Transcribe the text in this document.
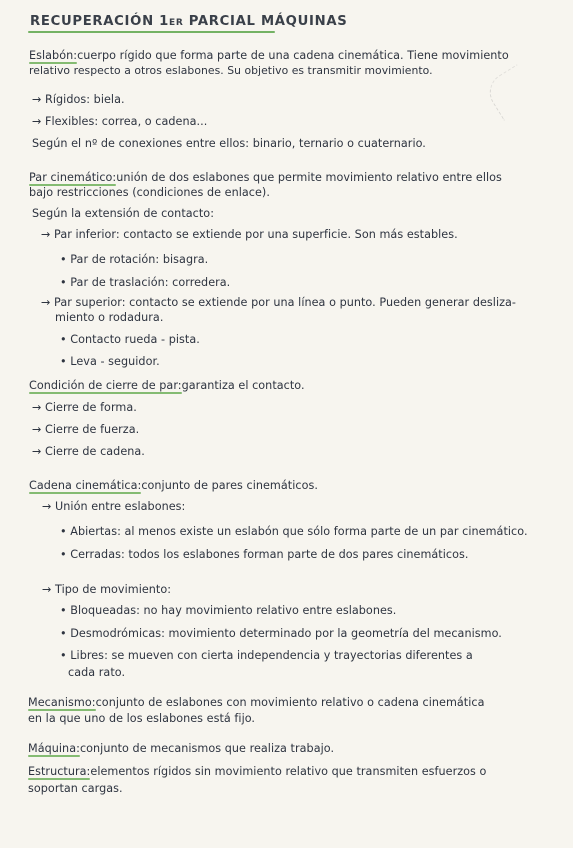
RECUPERACIÓN 1er PARCIAL MÁQUINAS
Eslabón:
cuerpo rígido que forma parte de una cadena cinemática. Tiene movimiento
relativo respecto a otros eslabones. Su objetivo es transmitir movimiento.
→ Rígidos: biela.
→ Flexibles: correa, o cadena...
Según el nº de conexiones entre ellos: binario, ternario o cuaternario.
Par cinemático:
unión de dos eslabones que permite movimiento relativo entre ellos
bajo restricciones (condiciones de enlace).
Según la extensión de contacto:
→ Par inferior: contacto se extiende por una superficie. Son más estables.
• Par de rotación: bisagra.
• Par de traslación: corredera.
→ Par superior: contacto se extiende por una línea o punto. Pueden generar desliza-
miento o rodadura.
• Contacto rueda - pista.
• Leva - seguidor.
Condición de cierre de par:
garantiza el contacto.
→ Cierre de forma.
→ Cierre de fuerza.
→ Cierre de cadena.
Cadena cinemática:
conjunto de pares cinemáticos.
→ Unión entre eslabones:
• Abiertas: al menos existe un eslabón que sólo forma parte de un par cinemático.
• Cerradas: todos los eslabones forman parte de dos pares cinemáticos.
→ Tipo de movimiento:
• Bloqueadas: no hay movimiento relativo entre eslabones.
• Desmodrómicas: movimiento determinado por la geometría del mecanismo.
• Libres: se mueven con cierta independencia y trayectorias diferentes a
cada rato.
Mecanismo:
conjunto de eslabones con movimiento relativo o cadena cinemática
en la que uno de los eslabones está fijo.
Máquina:
conjunto de mecanismos que realiza trabajo.
Estructura:
elementos rígidos sin movimiento relativo que transmiten esfuerzos o
soportan cargas.
